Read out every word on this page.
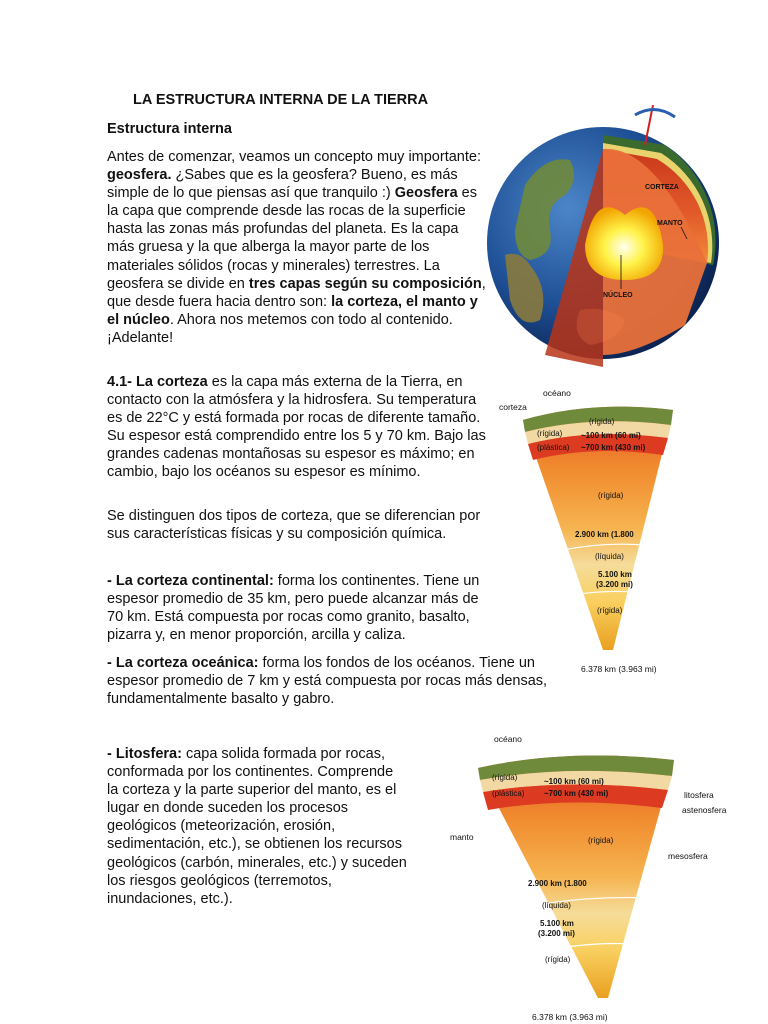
LA ESTRUCTURA INTERNA DE LA TIERRA
Estructura interna

Antes de comenzar, veamos un concepto muy importante: geosfera. ¿Sabes que es la geosfera? Bueno, es más simple de lo que piensas así que tranquilo :) Geosfera es la capa que comprende desde las rocas de la superficie hasta las zonas más profundas del planeta. Es la capa más gruesa y la que alberga la mayor parte de los materiales sólidos (rocas y minerales) terrestres. La geosfera se divide en tres capas según su composición, que desde fuera hacia dentro son: la corteza, el manto y el núcleo. Ahora nos metemos con todo al contenido. ¡Adelante!

4.1- La corteza es la capa más externa de la Tierra, en contacto con la atmósfera y la hidrosfera. Su temperatura es de 22°C y está formada por rocas de diferente tamaño. Su espesor está comprendido entre los 5 y 70 km. Bajo las grandes cadenas montañosas su espesor es máximo; en cambio, bajo los océanos su espesor es mínimo.

Se distinguen dos tipos de corteza, que se diferencian por sus características físicas y su composición química.

- La corteza continental: forma los continentes. Tiene un espesor promedio de 35 km, pero puede alcanzar más de 70 km. Está compuesta por rocas como granito, basalto, pizarra y, en menor proporción, arcilla y caliza.

- La corteza oceánica: forma los fondos de los océanos. Tiene un espesor promedio de 7 km y está compuesta por rocas más densas, fundamentalmente basalto y gabro.

- Litosfera: capa solida formada por rocas, conformada por los continentes. Comprende la corteza y la parte superior del manto, es el lugar en donde suceden los procesos geológicos (meteorización, erosión, sedimentación, etc.), se obtienen los recursos geológicos (carbón, minerales, etc.) y suceden los riesgos geológicos (terremotos, inundaciones, etc.).

CORTEZA
MANTO
NÚCLEO
océano
corteza
(rígida)
(rígida) ~100 km (60 mi)
(plástica) ~700 km (430 mi)
(rígida)
2.900 km (1.800
(líquida)
5.100 km
(3.200 mi)
(rígida)
6.378 km (3.963 mi)
océano
(rígida)	~100 km (60 mi)
(plástica) ~700 km (430 mi)
manto
litosfera
astenosfera
mesosfera
(rígida)
2.900 km (1.800
(líquida)
5.100 km
(3.200 mi)
(rígida)
6.378 km (3.963 mi)
